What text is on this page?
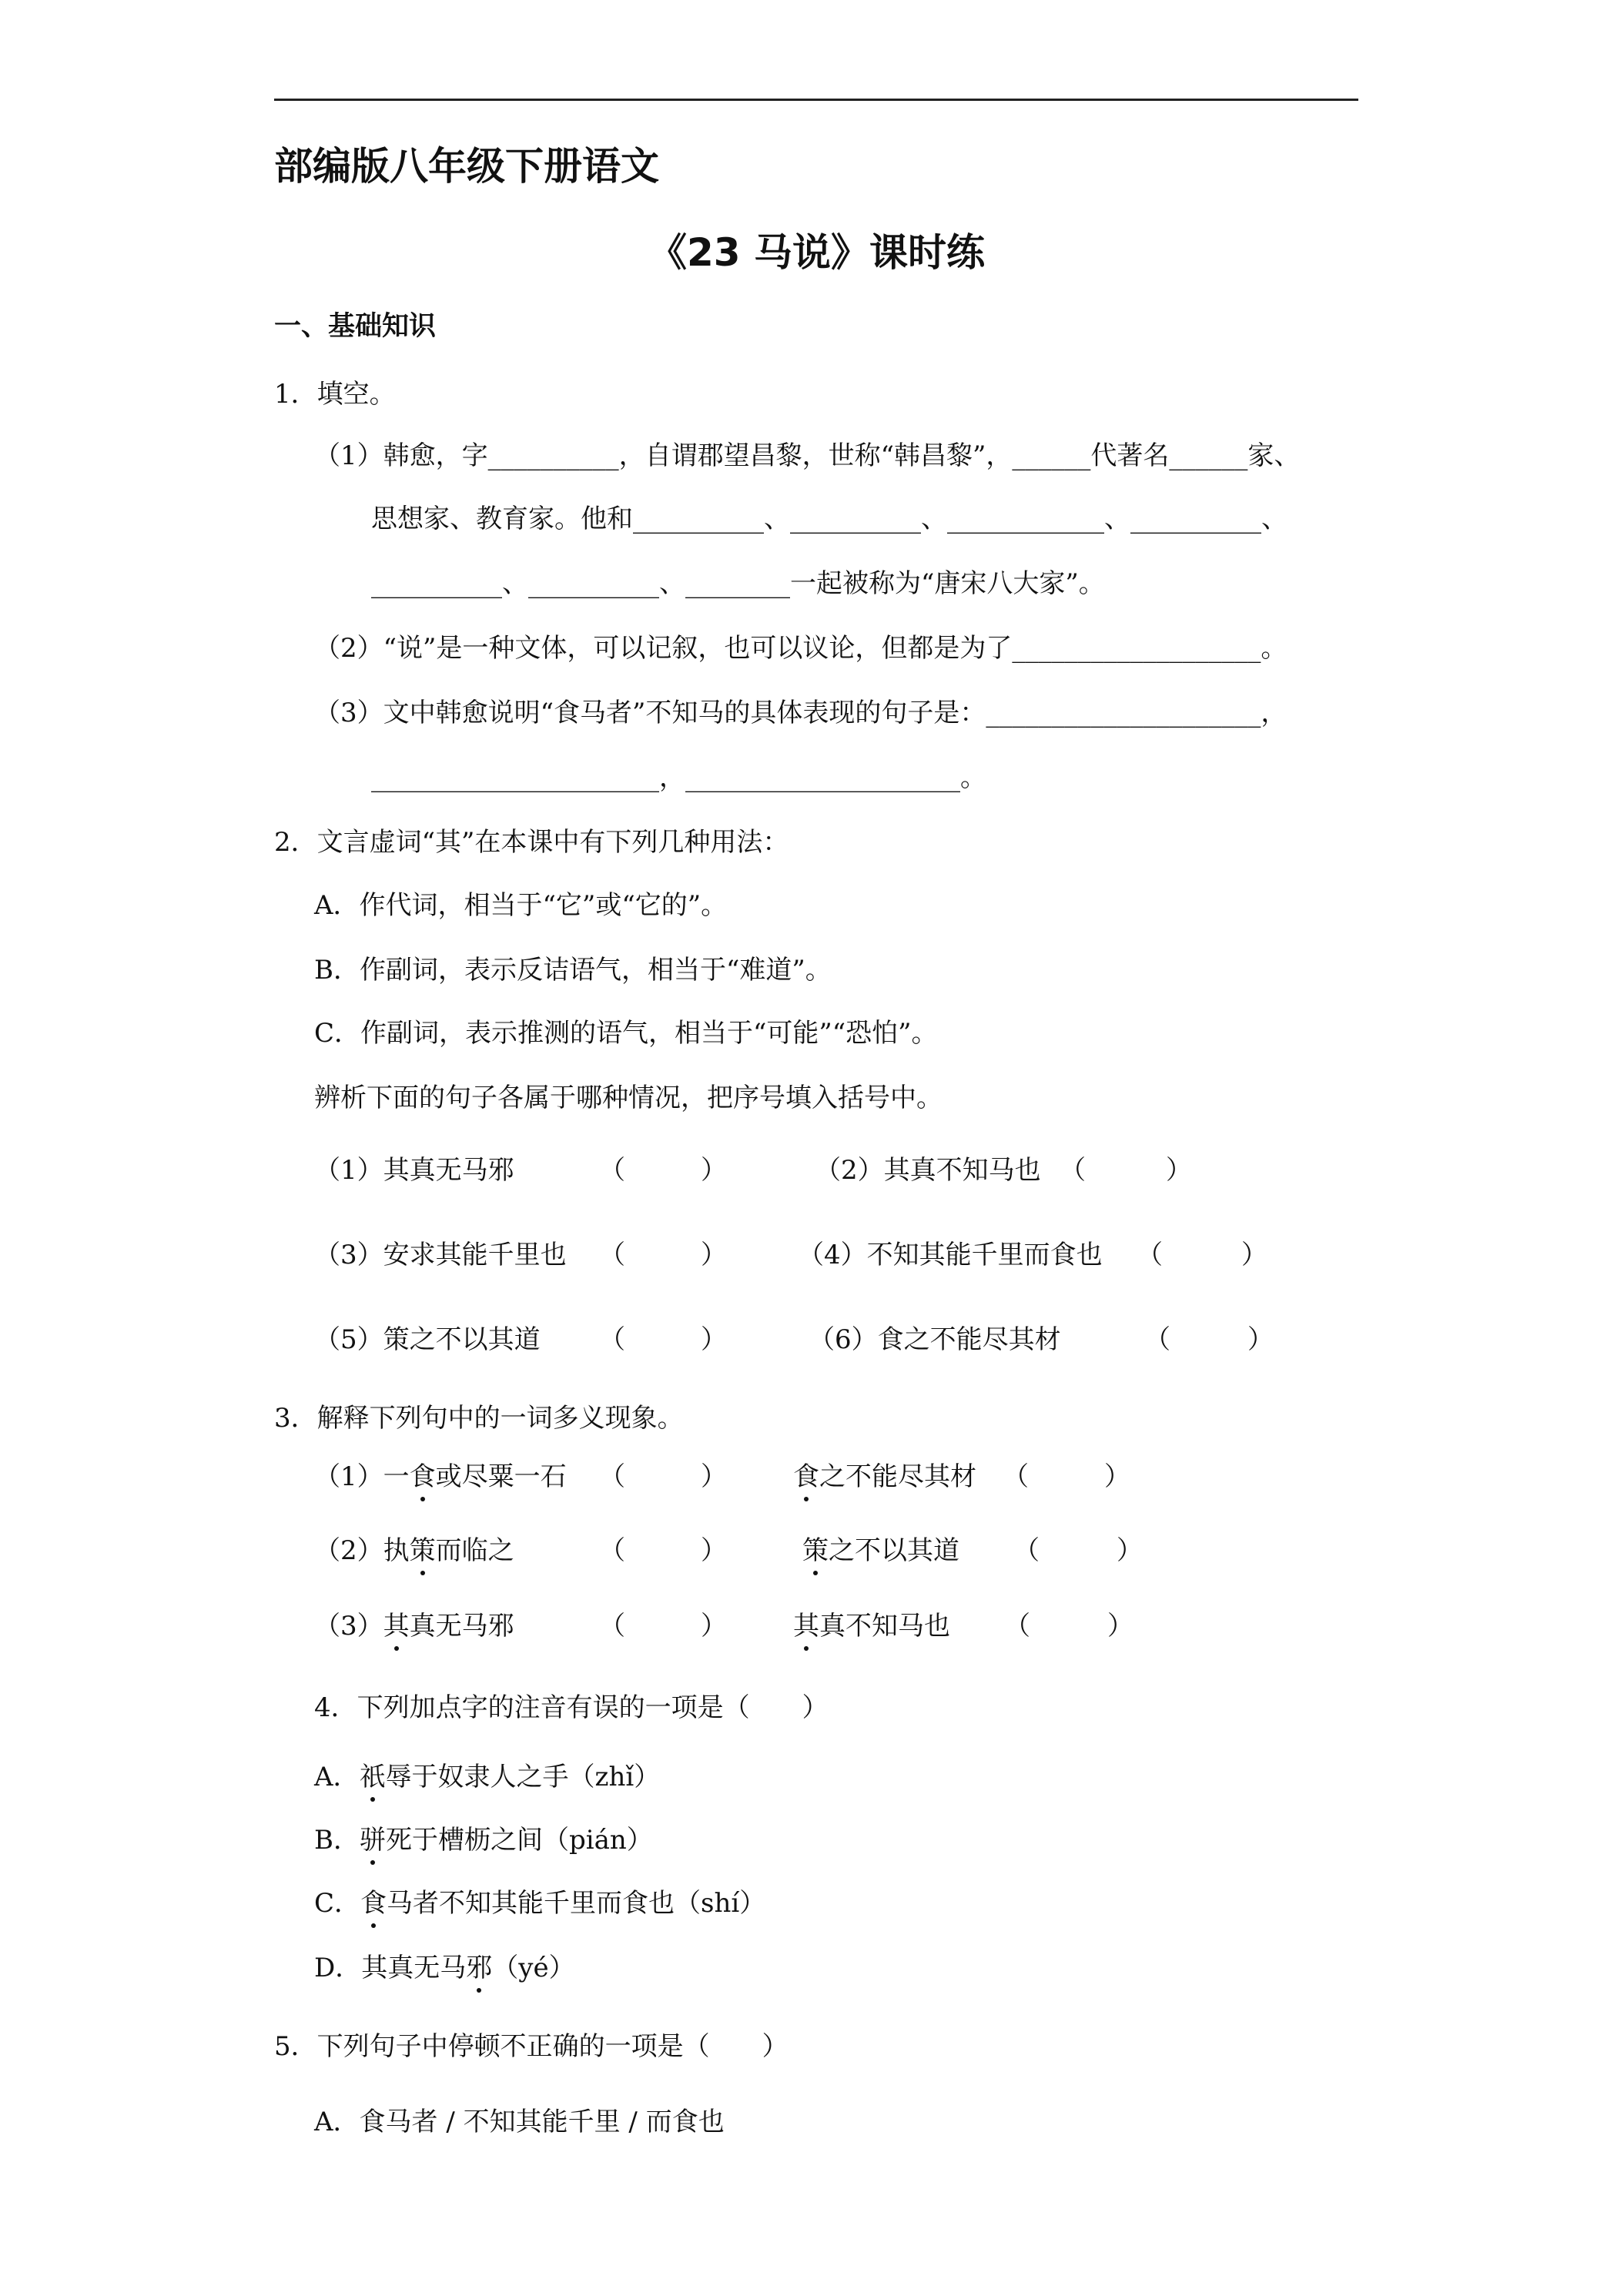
部编版八年级下册语文
《23 马说》课时练
一、基础知识
1．填空。
（1）韩愈，字__________，自谓郡望昌黎，世称“韩昌黎”，______代著名______家、
思想家、教育家。他和__________、__________、____________、__________、
__________、__________、________一起被称为“唐宋八大家”。
（2）“说”是一种文体，可以记叙，也可以议论，但都是为了___________________。
（3）文中韩愈说明“食马者”不知马的具体表现的句子是：_____________________，
______________________，_____________________。
2．文言虚词“其”在本课中有下列几种用法：
A．作代词，相当于“它”或“它的”。
B．作副词，表示反诘语气，相当于“难道”。
C．作副词，表示推测的语气，相当于“可能”“恐怕”。
辨析下面的句子各属于哪种情况，把序号填入括号中。
（1）其真无马邪	（	）	（2）其真不知马也 （	）
（3）安求其能千里也 （	）	（4）不知其能千里而食也 （	）
（5）策之不以其道 （	）	（6）食之不能尽其材	（	）
3．解释下列句中的一词多义现象。
（1）一食或尽粟一石 （	）	食之不能尽其材 （	）
（2）执策而临之	（	）	策之不以其道 （	）
（3）其真无马邪	（	）	其真不知马也 （	）
4．下列加点字的注音有误的一项是（　　）
A．祇辱于奴隶人之手（zhǐ）
B．骈死于槽枥之间（pián）
C．食马者不知其能千里而食也（shí）
D．其真无马邪（yé）
5．下列句子中停顿不正确的一项是（　　）
A．食马者 / 不知其能千里 / 而食也
